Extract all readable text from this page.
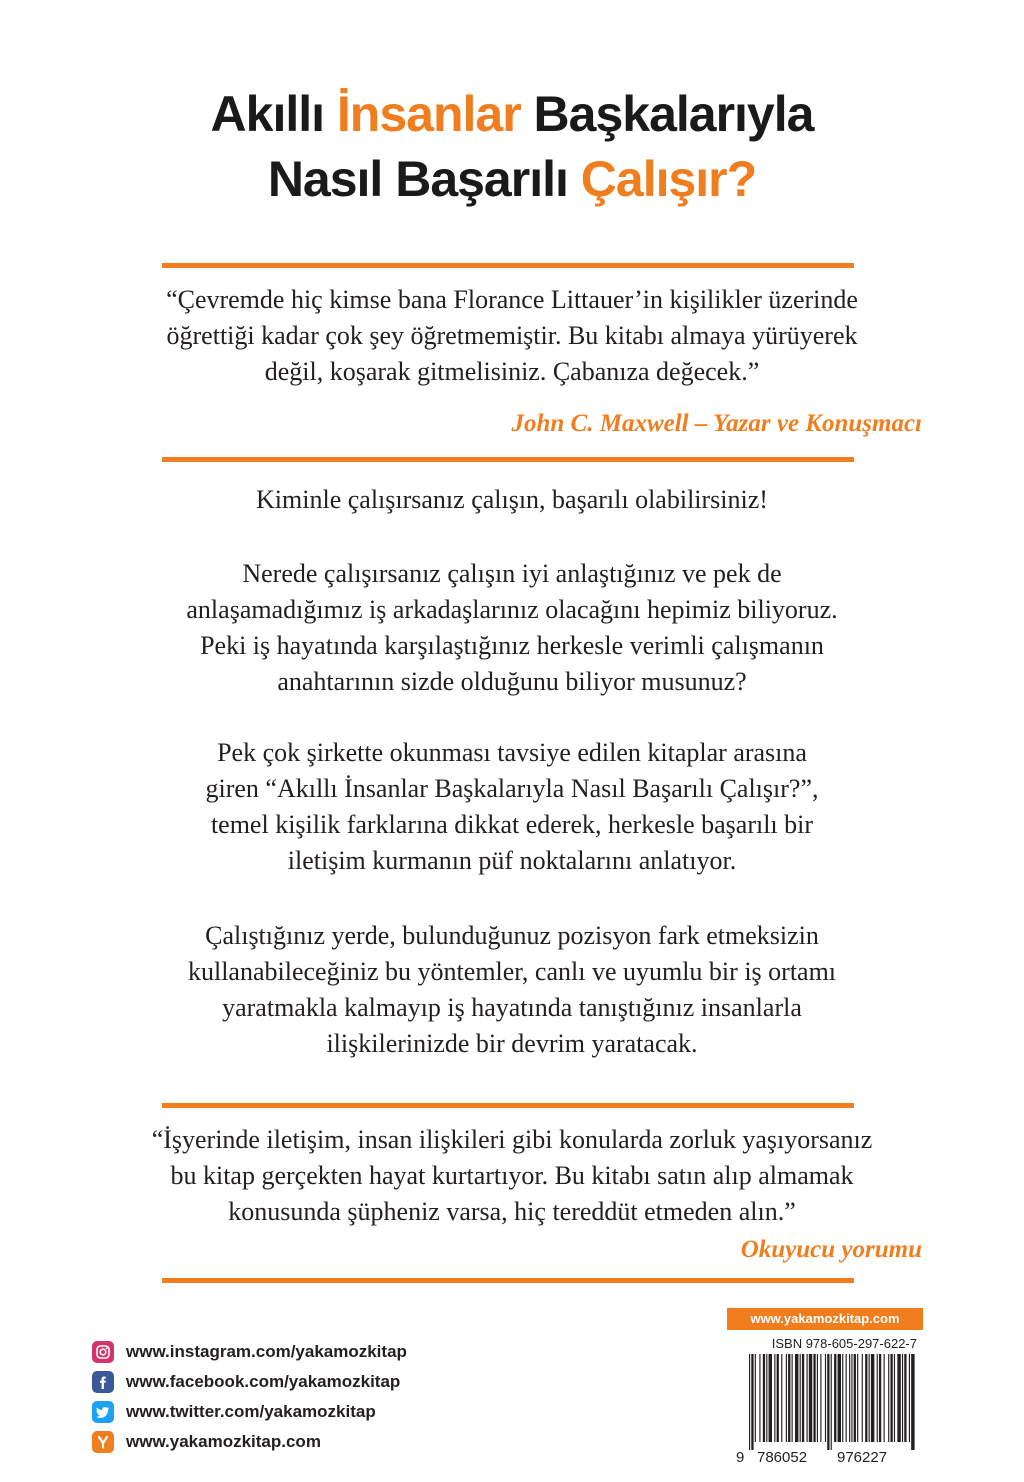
Akıllı İnsanlar Başkalarıyla
Nasıl Başarılı Çalışır?
“Çevremde hiç kimse bana Florance Littauer’in kişilikler üzerinde
öğrettiği kadar çok şey öğretmemiştir. Bu kitabı almaya yürüyerek
değil, koşarak gitmelisiniz. Çabanıza değecek.”
John C. Maxwell – Yazar ve Konuşmacı
Kiminle çalışırsanız çalışın, başarılı olabilirsiniz!
Nerede çalışırsanız çalışın iyi anlaştığınız ve pek de
anlaşamadığımız iş arkadaşlarınız olacağını hepimiz biliyoruz.
Peki iş hayatında karşılaştığınız herkesle verimli çalışmanın
anahtarının sizde olduğunu biliyor musunuz?
Pek çok şirkette okunması tavsiye edilen kitaplar arasına
giren “Akıllı İnsanlar Başkalarıyla Nasıl Başarılı Çalışır?”,
temel kişilik farklarına dikkat ederek, herkesle başarılı bir
iletişim kurmanın püf noktalarını anlatıyor.
Çalıştığınız yerde, bulunduğunuz pozisyon fark etmeksizin
kullanabileceğiniz bu yöntemler, canlı ve uyumlu bir iş ortamı
yaratmakla kalmayıp iş hayatında tanıştığınız insanlarla
ilişkilerinizde bir devrim yaratacak.
“İşyerinde iletişim, insan ilişkileri gibi konularda zorluk yaşıyorsanız
bu kitap gerçekten hayat kurtartıyor. Bu kitabı satın alıp almamak
konusunda şüpheniz varsa, hiç tereddüt etmeden alın.”
Okuyucu yorumu
www.instagram.com/yakamozkitap
www.facebook.com/yakamozkitap
www.twitter.com/yakamozkitap
www.yakamozkitap.com
www.yakamozkitap.com
ISBN 978-605-297-622-7
9 786052 976227
